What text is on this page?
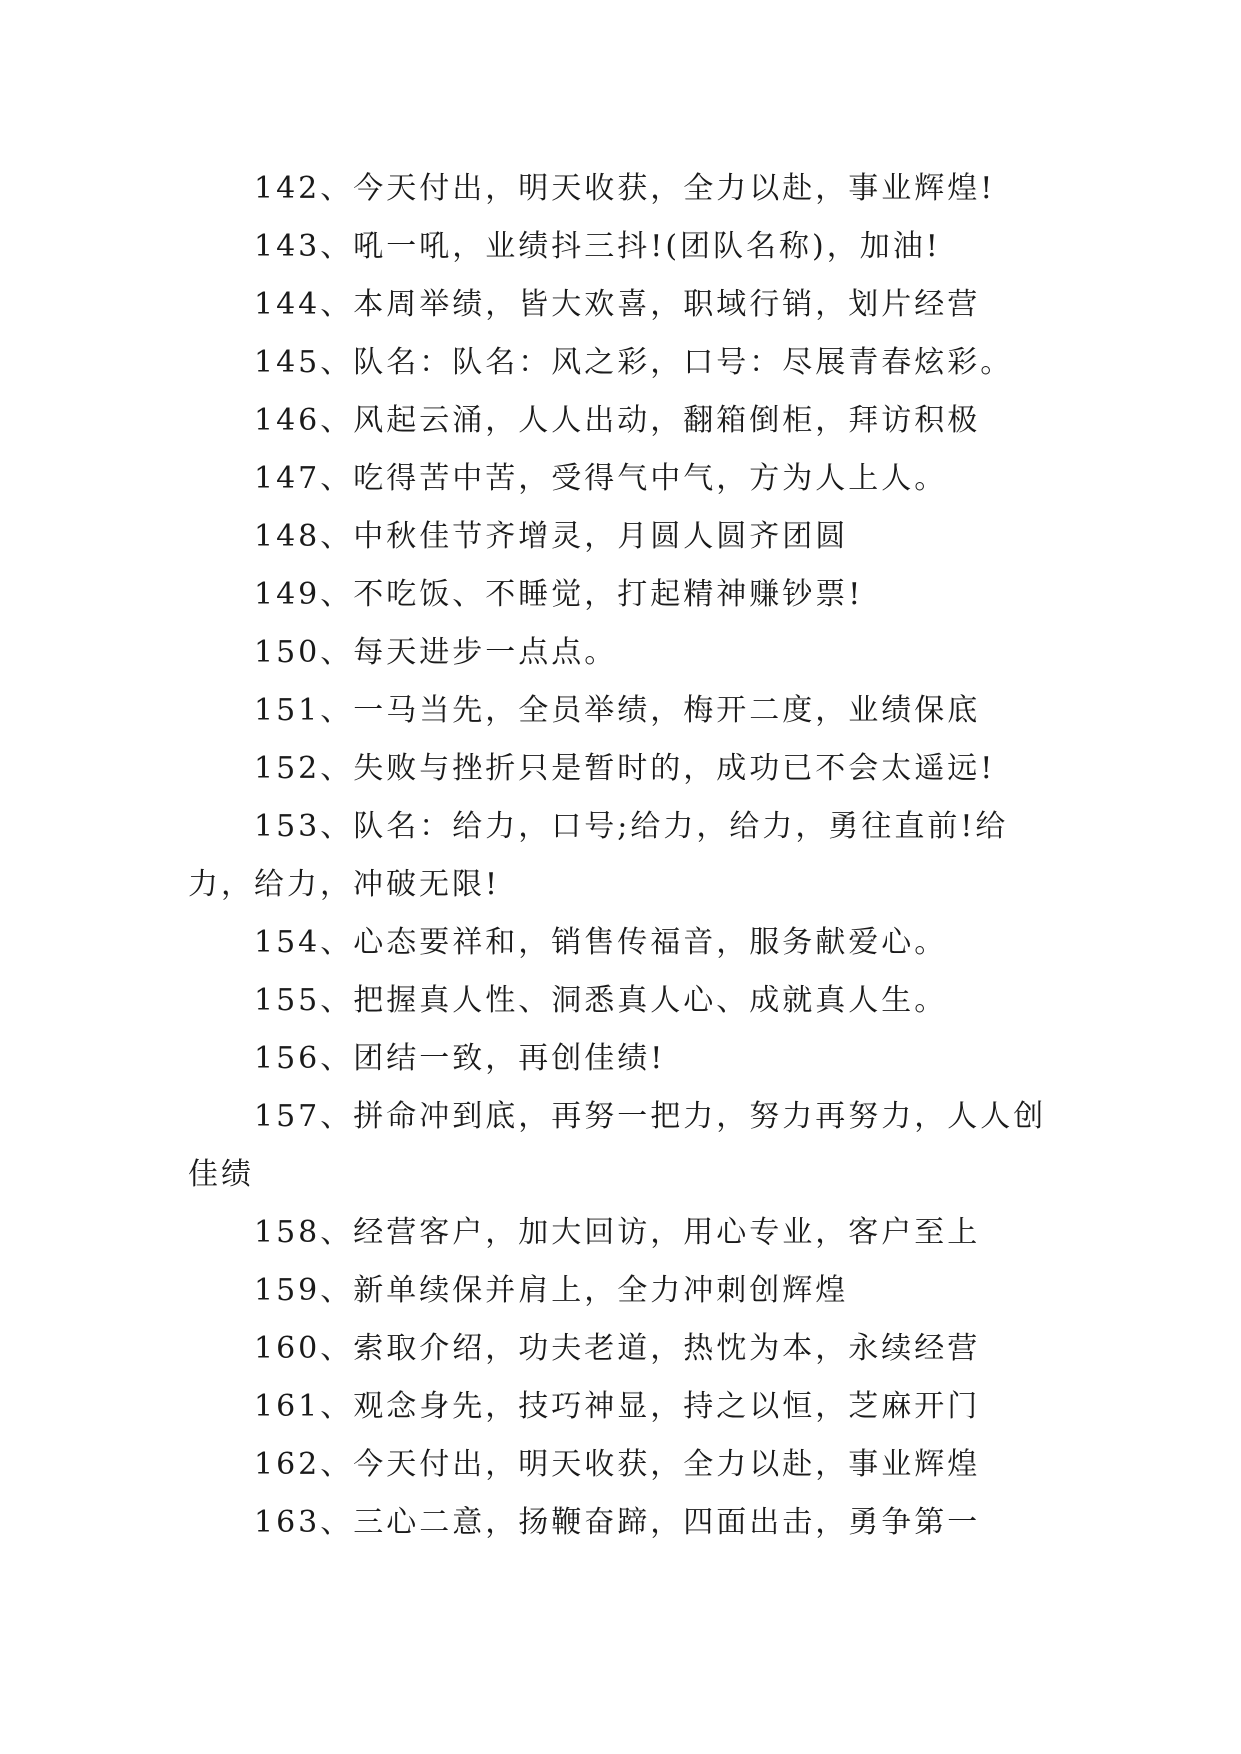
142、今天付出，明天收获，全力以赴，事业辉煌!

143、吼一吼，业绩抖三抖!(团队名称)，加油!

144、本周举绩，皆大欢喜，职域行销，划片经营

145、队名：队名：风之彩，口号：尽展青春炫彩。

146、风起云涌，人人出动，翻箱倒柜，拜访积极

147、吃得苦中苦，受得气中气，方为人上人。

148、中秋佳节齐增灵，月圆人圆齐团圆

149、不吃饭、不睡觉，打起精神赚钞票!

150、每天进步一点点。

151、一马当先，全员举绩，梅开二度，业绩保底

152、失败与挫折只是暂时的，成功已不会太遥远!

153、队名：给力，口号;给力，给力，勇往直前!给力，给力，冲破无限!

154、心态要祥和，销售传福音，服务献爱心。

155、把握真人性、洞悉真人心、成就真人生。

156、团结一致，再创佳绩!

157、拼命冲到底，再努一把力，努力再努力，人人创佳绩

158、经营客户，加大回访，用心专业，客户至上

159、新单续保并肩上，全力冲刺创辉煌

160、索取介绍，功夫老道，热忱为本，永续经营

161、观念身先，技巧神显，持之以恒，芝麻开门

162、今天付出，明天收获，全力以赴，事业辉煌

163、三心二意，扬鞭奋蹄，四面出击，勇争第一
